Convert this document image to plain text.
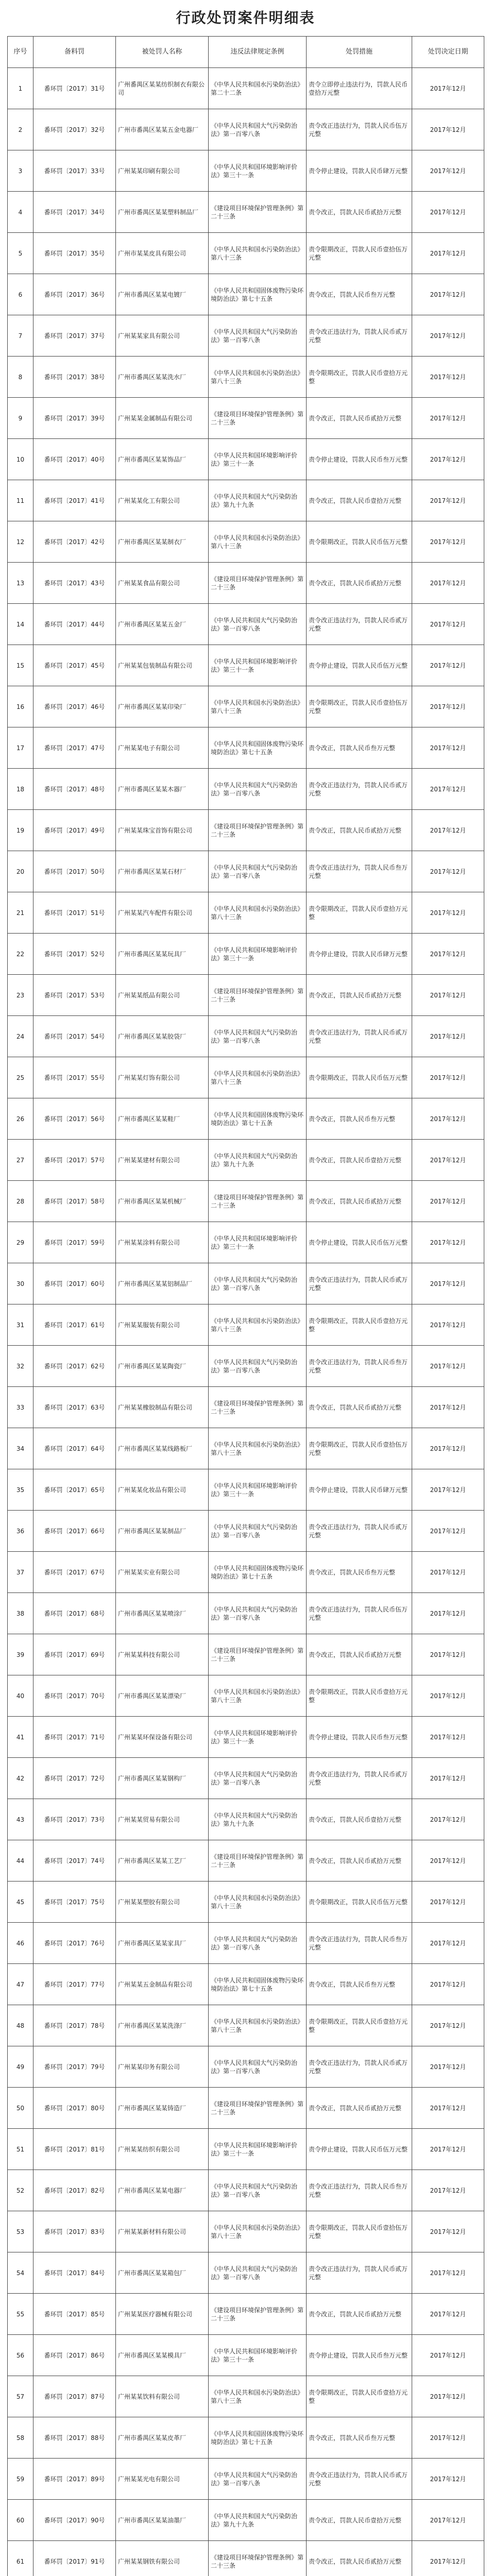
行政处罚案件明细表
序号	备料罚	被处罚人名称	违反法律规定条例	处罚措施	处罚决定日期
1	番环罚〔2017〕31号	广州番禺区某某纺织制衣有限公司	《中华人民共和国水污染防治法》第二十二条	责令立即停止违法行为，罚款人民币壹拾万元整	2017年12月
2	番环罚〔2017〕32号	广州市番禺区某某五金电器厂	《中华人民共和国大气污染防治法》第一百零八条	责令改正违法行为，罚款人民币伍万元整	2017年12月
3	番环罚〔2017〕33号	广州某某印刷有限公司	《中华人民共和国环境影响评价法》第三十一条	责令停止建设，罚款人民币肆万元整	2017年12月
4	番环罚〔2017〕34号	广州市番禺区某某塑料制品厂	《建设项目环境保护管理条例》第二十三条	责令改正，罚款人民币贰拾万元整	2017年12月
5	番环罚〔2017〕35号	广州市某某皮具有限公司	《中华人民共和国水污染防治法》第八十三条	责令限期改正，罚款人民币壹拾伍万元整	2017年12月
6	番环罚〔2017〕36号	广州市番禺区某某电镀厂	《中华人民共和国固体废物污染环境防治法》第七十五条	责令改正，罚款人民币叁万元整	2017年12月
7	番环罚〔2017〕37号	广州某某家具有限公司	《中华人民共和国大气污染防治法》第一百零八条	责令改正违法行为，罚款人民币贰万元整	2017年12月
8	番环罚〔2017〕38号	广州市番禺区某某洗水厂	《中华人民共和国水污染防治法》第八十三条	责令限期改正，罚款人民币壹拾万元整	2017年12月
9	番环罚〔2017〕39号	广州某某金属制品有限公司	《建设项目环境保护管理条例》第二十三条	责令改正，罚款人民币贰拾万元整	2017年12月
10	番环罚〔2017〕40号	广州市番禺区某某饰品厂	《中华人民共和国环境影响评价法》第三十一条	责令停止建设，罚款人民币叁万元整	2017年12月
11	番环罚〔2017〕41号	广州某某化工有限公司	《中华人民共和国大气污染防治法》第九十九条	责令改正，罚款人民币壹拾万元整	2017年12月
12	番环罚〔2017〕42号	广州市番禺区某某制衣厂	《中华人民共和国水污染防治法》第八十三条	责令限期改正，罚款人民币伍万元整	2017年12月
13	番环罚〔2017〕43号	广州某某食品有限公司	《建设项目环境保护管理条例》第二十三条	责令改正，罚款人民币贰拾万元整	2017年12月
14	番环罚〔2017〕44号	广州市番禺区某某五金厂	《中华人民共和国大气污染防治法》第一百零八条	责令改正违法行为，罚款人民币贰万元整	2017年12月
15	番环罚〔2017〕45号	广州某某包装制品有限公司	《中华人民共和国环境影响评价法》第三十一条	责令停止建设，罚款人民币伍万元整	2017年12月
16	番环罚〔2017〕46号	广州市番禺区某某印染厂	《中华人民共和国水污染防治法》第八十三条	责令限期改正，罚款人民币壹拾伍万元整	2017年12月
17	番环罚〔2017〕47号	广州某某电子有限公司	《中华人民共和国固体废物污染环境防治法》第七十五条	责令改正，罚款人民币叁万元整	2017年12月
18	番环罚〔2017〕48号	广州市番禺区某某木器厂	《中华人民共和国大气污染防治法》第一百零八条	责令改正违法行为，罚款人民币贰万元整	2017年12月
19	番环罚〔2017〕49号	广州某某珠宝首饰有限公司	《建设项目环境保护管理条例》第二十三条	责令改正，罚款人民币贰拾万元整	2017年12月
20	番环罚〔2017〕50号	广州市番禺区某某石材厂	《中华人民共和国大气污染防治法》第一百零八条	责令改正违法行为，罚款人民币叁万元整	2017年12月
21	番环罚〔2017〕51号	广州某某汽车配件有限公司	《中华人民共和国水污染防治法》第八十三条	责令限期改正，罚款人民币壹拾万元整	2017年12月
22	番环罚〔2017〕52号	广州市番禺区某某玩具厂	《中华人民共和国环境影响评价法》第三十一条	责令停止建设，罚款人民币肆万元整	2017年12月
23	番环罚〔2017〕53号	广州某某纸品有限公司	《建设项目环境保护管理条例》第二十三条	责令改正，罚款人民币贰拾万元整	2017年12月
24	番环罚〔2017〕54号	广州市番禺区某某胶袋厂	《中华人民共和国大气污染防治法》第一百零八条	责令改正违法行为，罚款人民币贰万元整	2017年12月
25	番环罚〔2017〕55号	广州某某灯饰有限公司	《中华人民共和国水污染防治法》第八十三条	责令限期改正，罚款人民币伍万元整	2017年12月
26	番环罚〔2017〕56号	广州市番禺区某某鞋厂	《中华人民共和国固体废物污染环境防治法》第七十五条	责令改正，罚款人民币叁万元整	2017年12月
27	番环罚〔2017〕57号	广州某某建材有限公司	《中华人民共和国大气污染防治法》第九十九条	责令改正，罚款人民币壹拾万元整	2017年12月
28	番环罚〔2017〕58号	广州市番禺区某某机械厂	《建设项目环境保护管理条例》第二十三条	责令改正，罚款人民币贰拾万元整	2017年12月
29	番环罚〔2017〕59号	广州某某涂料有限公司	《中华人民共和国环境影响评价法》第三十一条	责令停止建设，罚款人民币伍万元整	2017年12月
30	番环罚〔2017〕60号	广州市番禺区某某铝制品厂	《中华人民共和国大气污染防治法》第一百零八条	责令改正违法行为，罚款人民币贰万元整	2017年12月
31	番环罚〔2017〕61号	广州某某服装有限公司	《中华人民共和国水污染防治法》第八十三条	责令限期改正，罚款人民币壹拾万元整	2017年12月
32	番环罚〔2017〕62号	广州市番禺区某某陶瓷厂	《中华人民共和国大气污染防治法》第一百零八条	责令改正违法行为，罚款人民币叁万元整	2017年12月
33	番环罚〔2017〕63号	广州某某橡胶制品有限公司	《建设项目环境保护管理条例》第二十三条	责令改正，罚款人民币贰拾万元整	2017年12月
34	番环罚〔2017〕64号	广州市番禺区某某线路板厂	《中华人民共和国水污染防治法》第八十三条	责令限期改正，罚款人民币壹拾伍万元整	2017年12月
35	番环罚〔2017〕65号	广州某某化妆品有限公司	《中华人民共和国环境影响评价法》第三十一条	责令停止建设，罚款人民币肆万元整	2017年12月
36	番环罚〔2017〕66号	广州市番禺区某某制品厂	《中华人民共和国大气污染防治法》第一百零八条	责令改正违法行为，罚款人民币贰万元整	2017年12月
37	番环罚〔2017〕67号	广州某某实业有限公司	《中华人民共和国固体废物污染环境防治法》第七十五条	责令改正，罚款人民币叁万元整	2017年12月
38	番环罚〔2017〕68号	广州市番禺区某某喷涂厂	《中华人民共和国大气污染防治法》第一百零八条	责令改正违法行为，罚款人民币伍万元整	2017年12月
39	番环罚〔2017〕69号	广州某某科技有限公司	《建设项目环境保护管理条例》第二十三条	责令改正，罚款人民币贰拾万元整	2017年12月
40	番环罚〔2017〕70号	广州市番禺区某某漂染厂	《中华人民共和国水污染防治法》第八十三条	责令限期改正，罚款人民币壹拾万元整	2017年12月
41	番环罚〔2017〕71号	广州某某环保设备有限公司	《中华人民共和国环境影响评价法》第三十一条	责令停止建设，罚款人民币叁万元整	2017年12月
42	番环罚〔2017〕72号	广州市番禺区某某钢构厂	《中华人民共和国大气污染防治法》第一百零八条	责令改正违法行为，罚款人民币贰万元整	2017年12月
43	番环罚〔2017〕73号	广州某某贸易有限公司	《中华人民共和国大气污染防治法》第九十九条	责令改正，罚款人民币壹拾万元整	2017年12月
44	番环罚〔2017〕74号	广州市番禺区某某工艺厂	《建设项目环境保护管理条例》第二十三条	责令改正，罚款人民币贰拾万元整	2017年12月
45	番环罚〔2017〕75号	广州某某塑胶有限公司	《中华人民共和国水污染防治法》第八十三条	责令限期改正，罚款人民币伍万元整	2017年12月
46	番环罚〔2017〕76号	广州市番禺区某某家具厂	《中华人民共和国大气污染防治法》第一百零八条	责令改正违法行为，罚款人民币叁万元整	2017年12月
47	番环罚〔2017〕77号	广州某某五金制品有限公司	《中华人民共和国固体废物污染环境防治法》第七十五条	责令改正，罚款人民币叁万元整	2017年12月
48	番环罚〔2017〕78号	广州市番禺区某某洗涤厂	《中华人民共和国水污染防治法》第八十三条	责令限期改正，罚款人民币壹拾万元整	2017年12月
49	番环罚〔2017〕79号	广州某某印务有限公司	《中华人民共和国大气污染防治法》第一百零八条	责令改正违法行为，罚款人民币贰万元整	2017年12月
50	番环罚〔2017〕80号	广州市番禺区某某铸造厂	《建设项目环境保护管理条例》第二十三条	责令改正，罚款人民币贰拾万元整	2017年12月
51	番环罚〔2017〕81号	广州某某纺织有限公司	《中华人民共和国环境影响评价法》第三十一条	责令停止建设，罚款人民币伍万元整	2017年12月
52	番环罚〔2017〕82号	广州市番禺区某某电器厂	《中华人民共和国大气污染防治法》第一百零八条	责令改正违法行为，罚款人民币叁万元整	2017年12月
53	番环罚〔2017〕83号	广州某某新材料有限公司	《中华人民共和国水污染防治法》第八十三条	责令限期改正，罚款人民币壹拾伍万元整	2017年12月
54	番环罚〔2017〕84号	广州市番禺区某某箱包厂	《中华人民共和国大气污染防治法》第一百零八条	责令改正违法行为，罚款人民币贰万元整	2017年12月
55	番环罚〔2017〕85号	广州某某医疗器械有限公司	《建设项目环境保护管理条例》第二十三条	责令改正，罚款人民币贰拾万元整	2017年12月
56	番环罚〔2017〕86号	广州市番禺区某某模具厂	《中华人民共和国环境影响评价法》第三十一条	责令停止建设，罚款人民币叁万元整	2017年12月
57	番环罚〔2017〕87号	广州某某饮料有限公司	《中华人民共和国水污染防治法》第八十三条	责令限期改正，罚款人民币壹拾万元整	2017年12月
58	番环罚〔2017〕88号	广州市番禺区某某皮革厂	《中华人民共和国固体废物污染环境防治法》第七十五条	责令改正，罚款人民币叁万元整	2017年12月
59	番环罚〔2017〕89号	广州某某光电有限公司	《中华人民共和国大气污染防治法》第一百零八条	责令改正违法行为，罚款人民币贰万元整	2017年12月
60	番环罚〔2017〕90号	广州市番禺区某某油墨厂	《中华人民共和国大气污染防治法》第九十九条	责令改正，罚款人民币壹拾万元整	2017年12月
61	番环罚〔2017〕91号	广州某某钢铁有限公司	《建设项目环境保护管理条例》第二十三条	责令改正，罚款人民币贰拾万元整	2017年12月
